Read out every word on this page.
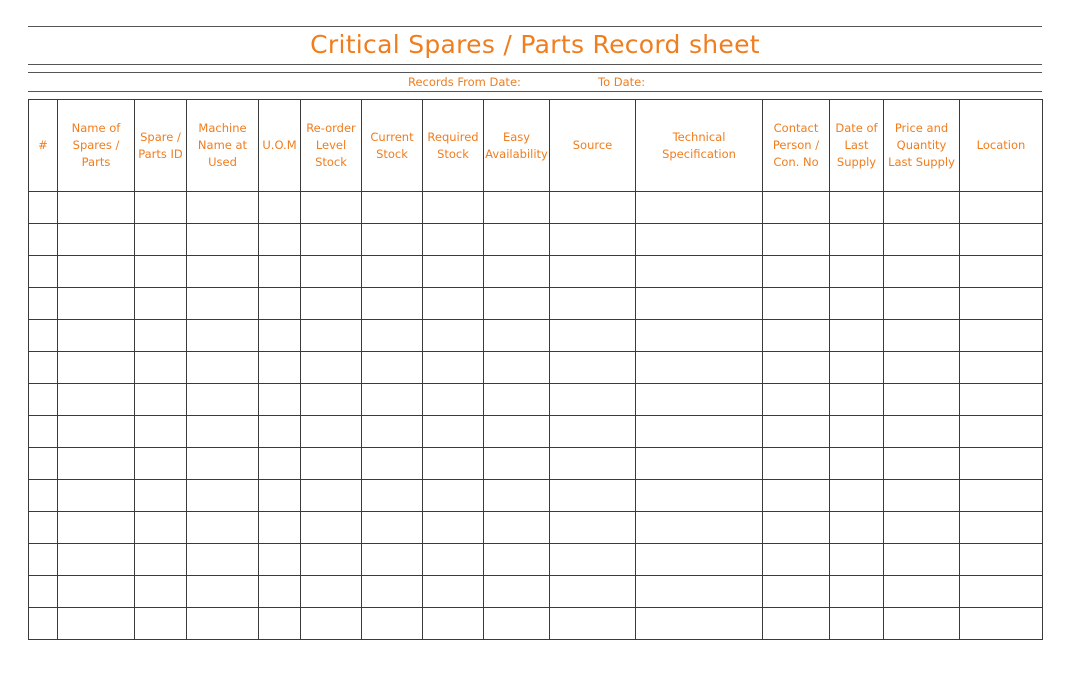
Critical Spares / Parts Record sheet
Records From Date:	To Date:
#	Name of Spares / Parts	Spare / Parts ID	Machine Name at Used	U.O.M	Re-order Level Stock	Current Stock	Required Stock	Easy Availability	Source	Technical Specification	Contact Person / Con. No	Date of Last Supply	Price and Quantity Last Supply	Location
